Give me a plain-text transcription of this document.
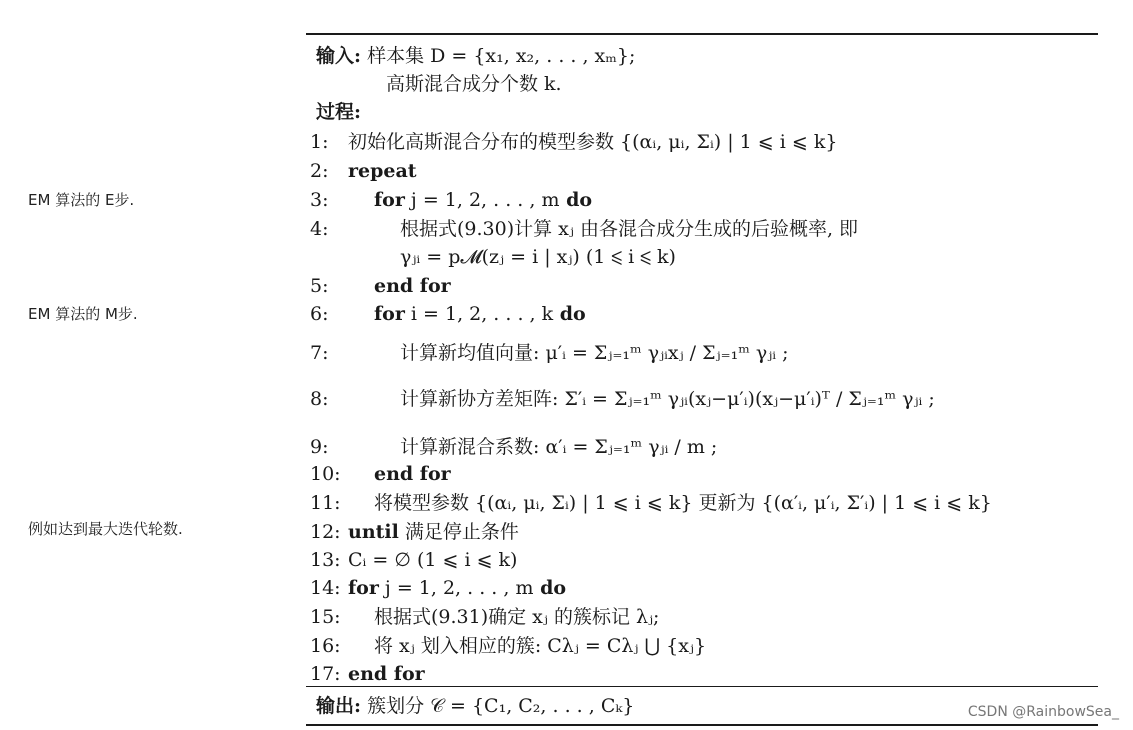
EM 算法的 E步.
EM 算法的 M步.
例如达到最大迭代轮数.
输入: 样本集 D = {x₁, x₂, . . . , xₘ};
高斯混合成分个数 k.
过程:
1:	初始化高斯混合分布的模型参数 {(αᵢ, μᵢ, Σᵢ) | 1 ⩽ i ⩽ k}
2:	repeat
3:	for j = 1, 2, . . . , m do
4:	根据式(9.30)计算 xⱼ 由各混合成分生成的后验概率, 即
γⱼᵢ = p𝓜(zⱼ = i | xⱼ) (1 ⩽ i ⩽ k)
5:	end for
6:	for i = 1, 2, . . . , k do
7:	计算新均值向量: μ′ᵢ = Σⱼ₌₁ᵐ γⱼᵢxⱼ / Σⱼ₌₁ᵐ γⱼᵢ ;
8:	计算新协方差矩阵: Σ′ᵢ = Σⱼ₌₁ᵐ γⱼᵢ(xⱼ−μ′ᵢ)(xⱼ−μ′ᵢ)ᵀ / Σⱼ₌₁ᵐ γⱼᵢ ;
9:	计算新混合系数: α′ᵢ = Σⱼ₌₁ᵐ γⱼᵢ / m ;
10: end for
11: 将模型参数 {(αᵢ, μᵢ, Σᵢ) | 1 ⩽ i ⩽ k} 更新为 {(α′ᵢ, μ′ᵢ, Σ′ᵢ) | 1 ⩽ i ⩽ k}
12: until 满足停止条件
13: Cᵢ = ∅ (1 ⩽ i ⩽ k)
14: for j = 1, 2, . . . , m do
15: 根据式(9.31)确定 xⱼ 的簇标记 λⱼ;
16: 将 xⱼ 划入相应的簇: Cλⱼ = Cλⱼ ⋃ {xⱼ}
17: end for
输出: 簇划分 𝒞 = {C₁, C₂, . . . , Cₖ}	CSDN @RainbowSea_
